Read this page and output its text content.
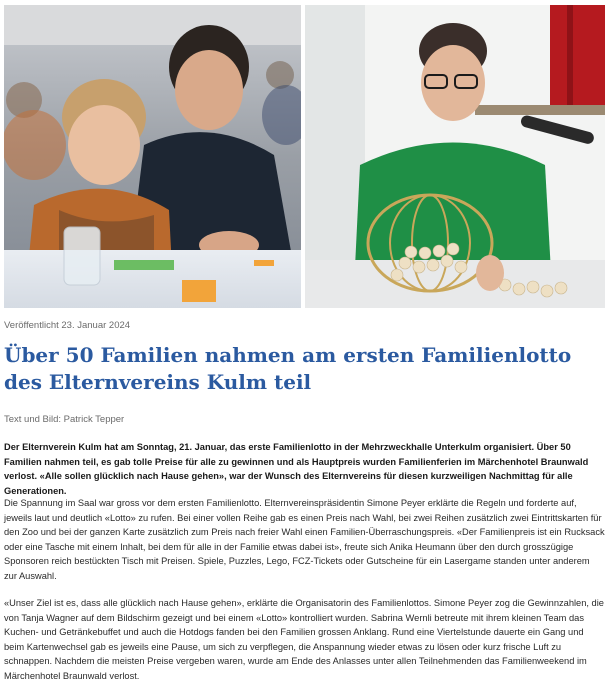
Veröffentlicht 23. Januar 2024
Über 50 Familien nahmen am ersten Familienlotto des Elternvereins Kulm teil
Text und Bild: Patrick Tepper

Der Elternverein Kulm hat am Sonntag, 21. Januar, das erste Familienlotto in der Mehrzweckhalle Unterkulm organisiert. Über 50 Familien nahmen teil, es gab tolle Preise für alle zu gewinnen und als Hauptpreis wurden Familienferien im Märchenhotel Braunwald verlost. «Alle sollen glücklich nach Hause gehen», war der Wunsch des Elternvereins für diesen kurzweiligen Nachmittag für alle Generationen.

Die Spannung im Saal war gross vor dem ersten Familienlotto. Elternvereinspräsidentin Simone Peyer erklärte die Regeln und forderte auf, jeweils laut und deutlich «Lotto» zu rufen. Bei einer vollen Reihe gab es einen Preis nach Wahl, bei zwei Reihen zusätzlich zwei Eintrittskarten für den Zoo und bei der ganzen Karte zusätzlich zum Preis nach freier Wahl einen Familien-Überraschungspreis. «Der Familienpreis ist ein Rucksack oder eine Tasche mit einem Inhalt, bei dem für alle in der Familie etwas dabei ist», freute sich Anika Heumann über den durch grosszügige Sponsoren reich bestückten Tisch mit Preisen. Spiele, Puzzles, Lego, FCZ-Tickets oder Gutscheine für ein Lasergame standen unter anderem zur Auswahl.

«Unser Ziel ist es, dass alle glücklich nach Hause gehen», erklärte die Organisatorin des Familienlottos. Simone Peyer zog die Gewinnzahlen, die von Tanja Wagner auf dem Bildschirm gezeigt und bei einem «Lotto» kontrolliert wurden. Sabrina Wernli betreute mit ihrem kleinen Team das Kuchen- und Getränkebuffet und auch die Hotdogs fanden bei den Familien grossen Anklang. Rund eine Viertelstunde dauerte ein Gang und beim Kartenwechsel gab es jeweils eine Pause, um sich zu verpflegen, die Anspannung wieder etwas zu lösen oder kurz frische Luft zu schnappen. Nachdem die meisten Preise vergeben waren, wurde am Ende des Anlasses unter allen Teilnehmenden das Familienweekend im Märchenhotel Braunwald verlost.
